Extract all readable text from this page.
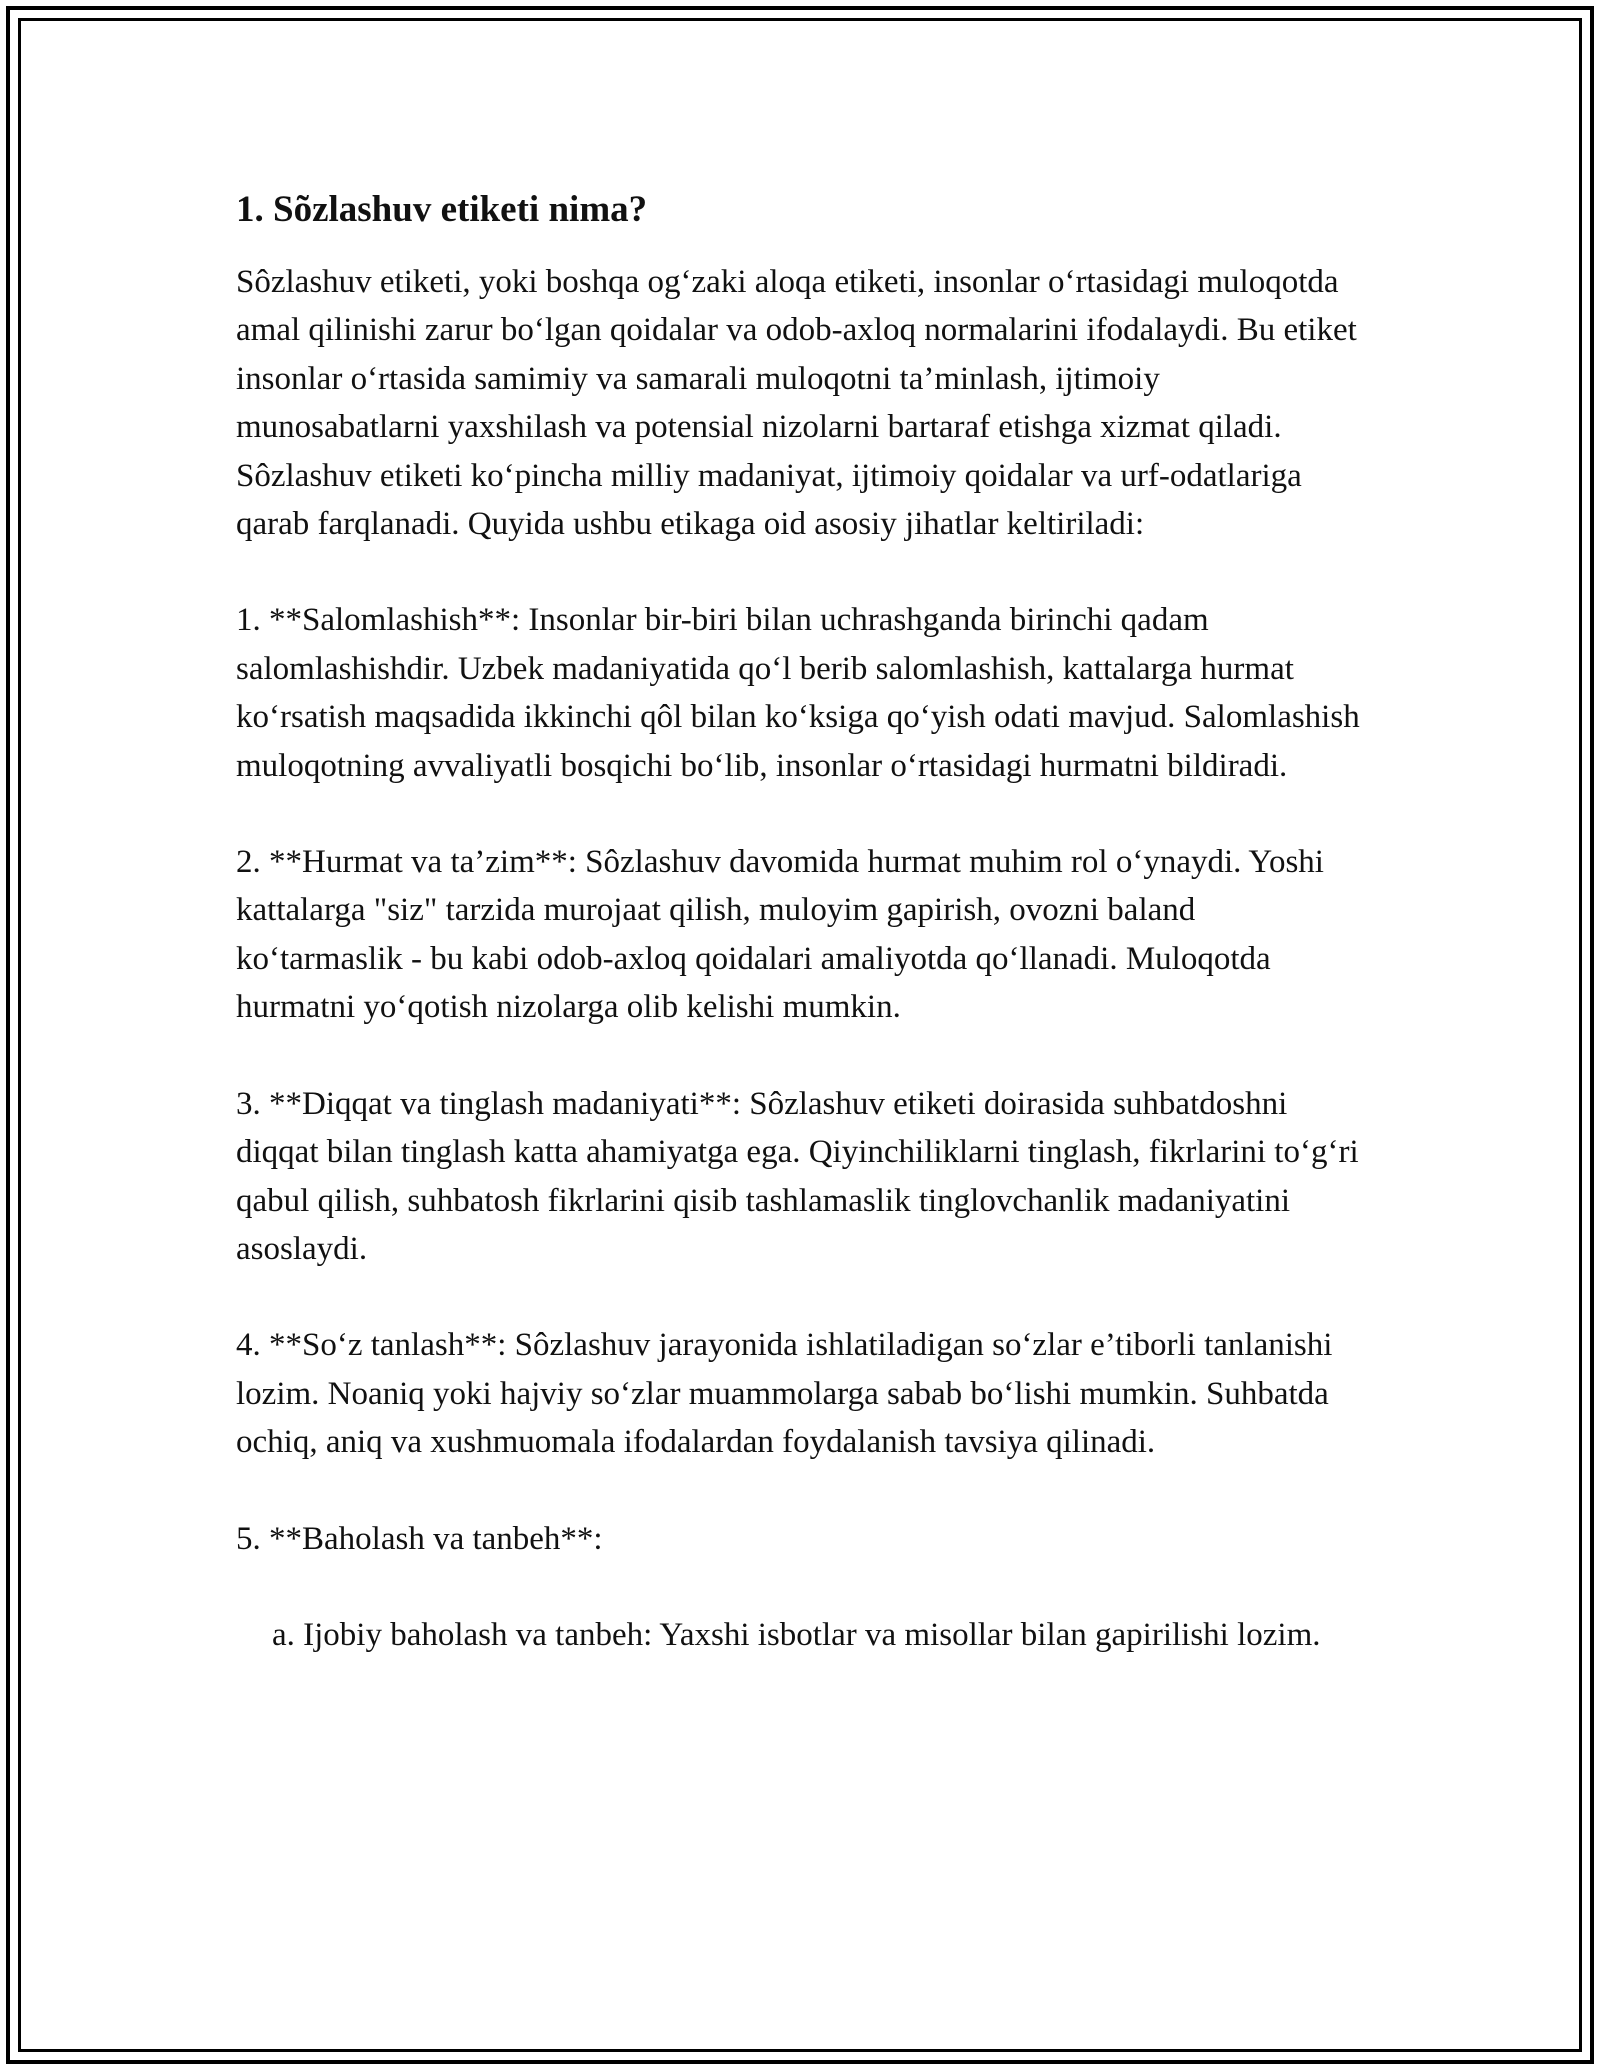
1. Sõzlashuv etiketi nima?

Sôzlashuv etiketi, yoki boshqa og‘zaki aloqa etiketi, insonlar o‘rtasidagi muloqotda amal qilinishi zarur bo‘lgan qoidalar va odob-axloq normalarini ifodalaydi. Bu etiket insonlar o‘rtasida samimiy va samarali muloqotni ta’minlash, ijtimoiy munosabatlarni yaxshilash va potensial nizolarni bartaraf etishga xizmat qiladi. Sôzlashuv etiketi ko‘pincha milliy madaniyat, ijtimoiy qoidalar va urf-odatlariga qarab farqlanadi. Quyida ushbu etikaga oid asosiy jihatlar keltiriladi:

1. **Salomlashish**: Insonlar bir-biri bilan uchrashganda birinchi qadam salomlashishdir. Uzbek madaniyatida qo‘l berib salomlashish, kattalarga hurmat ko‘rsatish maqsadida ikkinchi qôl bilan ko‘ksiga qo‘yish odati mavjud. Salomlashish muloqotning avvaliyatli bosqichi bo‘lib, insonlar o‘rtasidagi hurmatni bildiradi.

2. **Hurmat va ta’zim**: Sôzlashuv davomida hurmat muhim rol o‘ynaydi. Yoshi kattalarga "siz" tarzida murojaat qilish, muloyim gapirish, ovozni baland ko‘tarmaslik - bu kabi odob-axloq qoidalari amaliyotda qo‘llanadi. Muloqotda hurmatni yo‘qotish nizolarga olib kelishi mumkin.

3. **Diqqat va tinglash madaniyati**: Sôzlashuv etiketi doirasida suhbatdoshni diqqat bilan tinglash katta ahamiyatga ega. Qiyinchiliklarni tinglash, fikrlarini to‘g‘ri qabul qilish, suhbatosh fikrlarini qisib tashlamaslik tinglovchanlik madaniyatini asoslaydi.

4. **So‘z tanlash**: Sôzlashuv jarayonida ishlatiladigan so‘zlar e’tiborli tanlanishi lozim. Noaniq yoki hajviy so‘zlar muammolarga sabab bo‘lishi mumkin. Suhbatda ochiq, aniq va xushmuomala ifodalardan foydalanish tavsiya qilinadi.

5. **Baholash va tanbeh**:

a. Ijobiy baholash va tanbeh: Yaxshi isbotlar va misollar bilan gapirilishi lozim.
